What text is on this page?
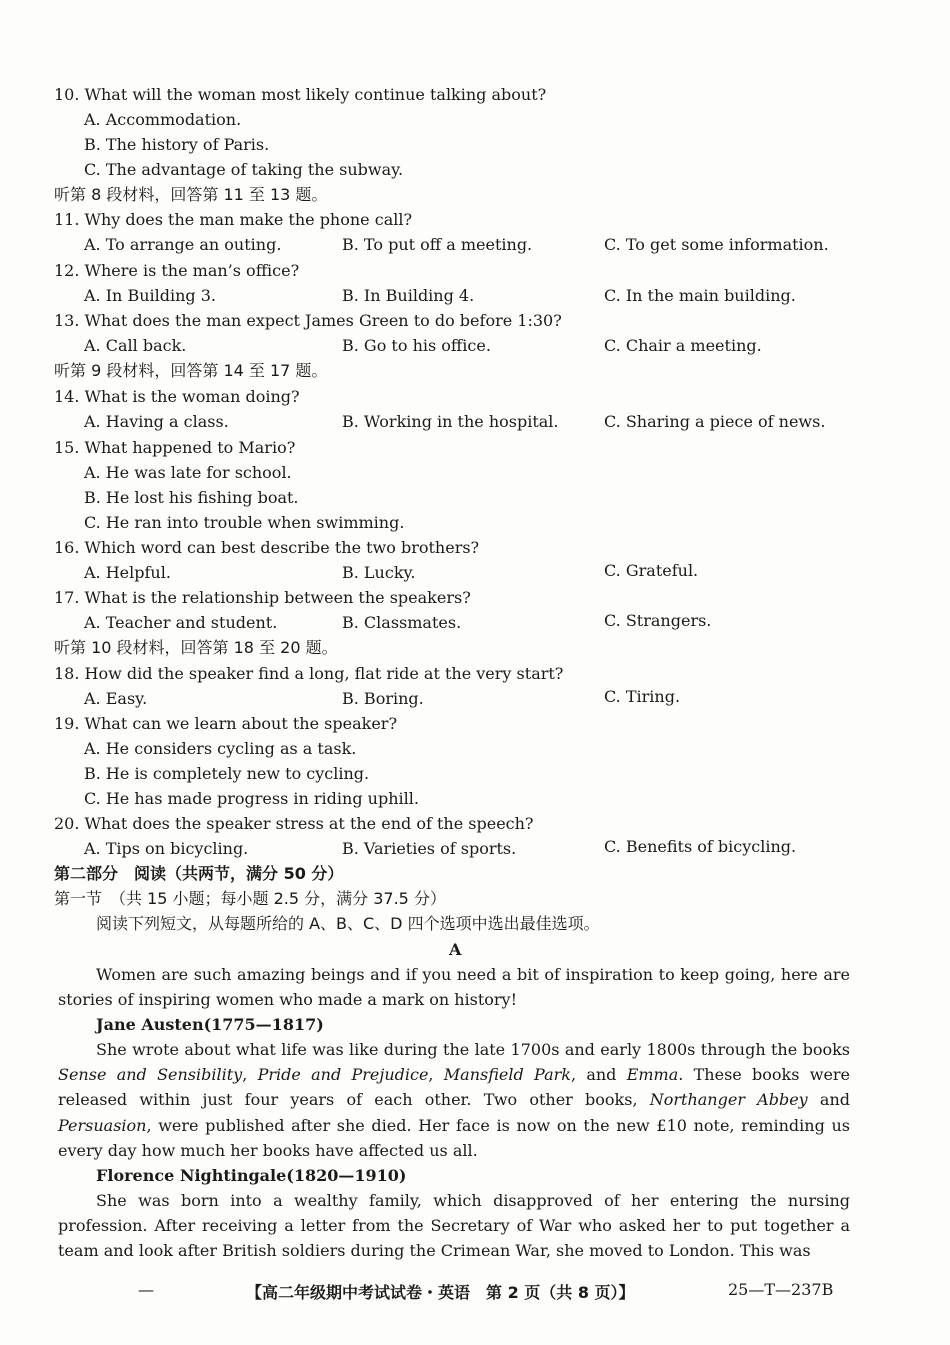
10. What will the woman most likely continue talking about?
A. Accommodation.
B. The history of Paris.
C. The advantage of taking the subway.
听第 8 段材料，回答第 11 至 13 题。
11. Why does the man make the phone call?
A. To arrange an outing.	B. To put off a meeting.	C. To get some information.
12. Where is the man’s office?
A. In Building 3.	B. In Building 4.	C. In the main building.
13. What does the man expect James Green to do before 1:30?
A. Call back.	B. Go to his office.	C. Chair a meeting.
听第 9 段材料，回答第 14 至 17 题。
14. What is the woman doing?
A. Having a class.	B. Working in the hospital.	C. Sharing a piece of news.
15. What happened to Mario?
A. He was late for school.
B. He lost his fishing boat.
C. He ran into trouble when swimming.
16. Which word can best describe the two brothers?
A. Helpful.	B. Lucky.	C. Grateful.
17. What is the relationship between the speakers?
A. Teacher and student.	B. Classmates.	C. Strangers.
听第 10 段材料，回答第 18 至 20 题。
18. How did the speaker find a long, flat ride at the very start?
A. Easy.	B. Boring.	C. Tiring.
19. What can we learn about the speaker?
A. He considers cycling as a task.
B. He is completely new to cycling.
C. He has made progress in riding uphill.
20. What does the speaker stress at the end of the speech?
A. Tips on bicycling.	B. Varieties of sports.	C. Benefits of bicycling.
第二部分　阅读（共两节，满分 50 分）
第一节　（共 15 小题；每小题 2.5 分，满分 37.5 分）
阅读下列短文，从每题所给的 A、B、C、D 四个选项中选出最佳选项。
A
Women are such amazing beings and if you need a bit of inspiration to keep going, here are stories of inspiring women who made a mark on history!
Jane Austen(1775—1817)
She wrote about what life was like during the late 1700s and early 1800s through the books Sense and Sensibility, Pride and Prejudice, Mansfield Park, and Emma. These books were released within just four years of each other. Two other books, Northanger Abbey and Persuasion, were published after she died. Her face is now on the new £10 note, reminding us every day how much her books have affected us all.
Florence Nightingale(1820—1910)
She was born into a wealthy family, which disapproved of her entering the nursing profession. After receiving a letter from the Secretary of War who asked her to put together a team and look after British soldiers during the Crimean War, she moved to London. This was
—	【高二年级期中考试试卷・英语　第 2 页（共 8 页）】	25—T—237B
